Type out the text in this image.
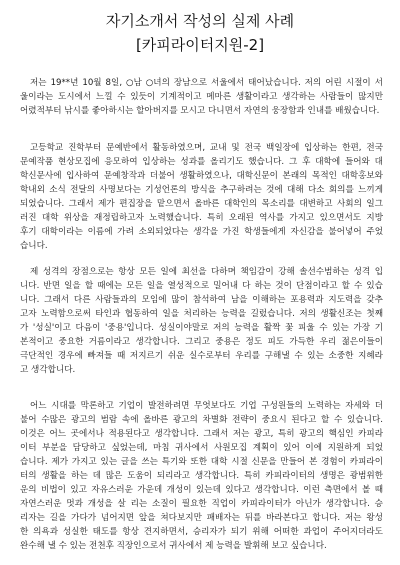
자기소개서 작성의 실제 사례
[카피라이터지원-2]
저는 19**년 10월 8일, ○남 ○녀의 장남으로 서울에서 태어났습니다. 저의 어린 시절이 서
울이라는 도시에서 느낄 수 있듯이 기계적이고 메마른 생활이라고 생각하는 사람들이 많지만
어렸적부터 낚시를 좋아하시는 할아버지를 모시고 다니면서 자연의 웅장함과 인내를 배웠습니다.
고등학교 진학부터 문예반에서 활동하였으며, 교내 및 전국 백일장에 입상하는 한편, 전국
문예작품 현상모집에 응모하여 입상하는 성과를 올리기도 했습니다. 그 후 대학에 들어와 대
학신문사에 입사하여 문예창작과 더불어 생활하였으나, 대학신문이 본래의 목적인 대학홍보와
학내외 소식 전달의 사명보다는 기성언론의 방식을 추구하려는 것에 대해 다소 회의를 느끼게
되었습니다. 그래서 제가 편집장을 맡으면서 올바른 대학인의 목소리를 대변하고 사회의 일그
러진 대학 위상을 재정립하고자 노력했습니다. 특히 오래된 역사를 가지고 있으면서도 지방
후기 대학이라는 이름에 가려 소외되었다는 생각을 가진 학생들에게 자신감을 불어넣어 주었
습니다.
제 성격의 장점으로는 항상 모든 일에 최선을 다하며 책임감이 강해 솔선수범하는 성격 입
니다. 반면 일을 할 때에는 모든 일을 열성적으로 밀어내 다 하는 것이 단점이라고 할 수 있습
니다. 그래서 다른 사람들과의 모임에 많이 참석하여 남을 이해하는 포용력과 지도력을 갖추
고자 노력함으로써 타인과 협동하여 일을 처리하는 능력을 길렀습니다. 저의 생활신조는 첫째
가 '성실'이고 다음이 '중용'입니다. 성실이야말로 저의 능력을 활짝 꽃 피울 수 있는 가장 기
본적이고 중요한 거름이라고 생각합니다. 그리고 중용은 정도 피도 가득한 우리 젊은이들이
극단적인 경우에 빠져들 때 저지르기 쉬운 실수로부터 우리를 구해낼 수 있는 소중한 지혜라
고 생각합니다.
어느 시대를 막론하고 기업이 발전하려면 무엇보다도 기업 구성원들의 노력하는 자세와 더
불어 수많은 광고의 범람 속에 올바른 광고의 차별화 전략이 중요시 된다고 할 수 있습니다.
이것은 어느 곳에서나 적용된다고 생각합니다. 그래서 저는 광고, 특히 광고의 핵심인 카피라
이터 부분을 담당하고 싶었는데, 마침 귀사에서 사원모집 계획이 있어 이에 지원하게 되었
습니다. 제가 가지고 있는 글을 쓰는 특기와 또한 대학 시절 신문을 만들어 본 경험이 카피라이
터의 생활을 하는 데 많은 도움이 되리라고 생각합니다. 특히 카피라이터의 생명은 광범위한
운의 비법이 있고 자유스러운 가운데 개성이 있는데 있다고 생각합니다. 이런 측면에서 볼 때
자연스러운 멋과 개성을 살 리는 소질이 필요한 직업이 카피라이터가 아닌가 생각합니다. 승
리자는 길을 가다가 넘어지면 앞을 쳐다보지만 패배자는 뒤를 바라본다고 합니다. 저는 왕성
한 의욕과 성실한 태도를 항상 견지하면서, 승리자가 되기 위해 어떠한 과업이 주어지더라도
완수해 낼 수 있는 전천후 직장인으로서 귀사에서 제 능력을 발휘해 보고 싶습니다.
